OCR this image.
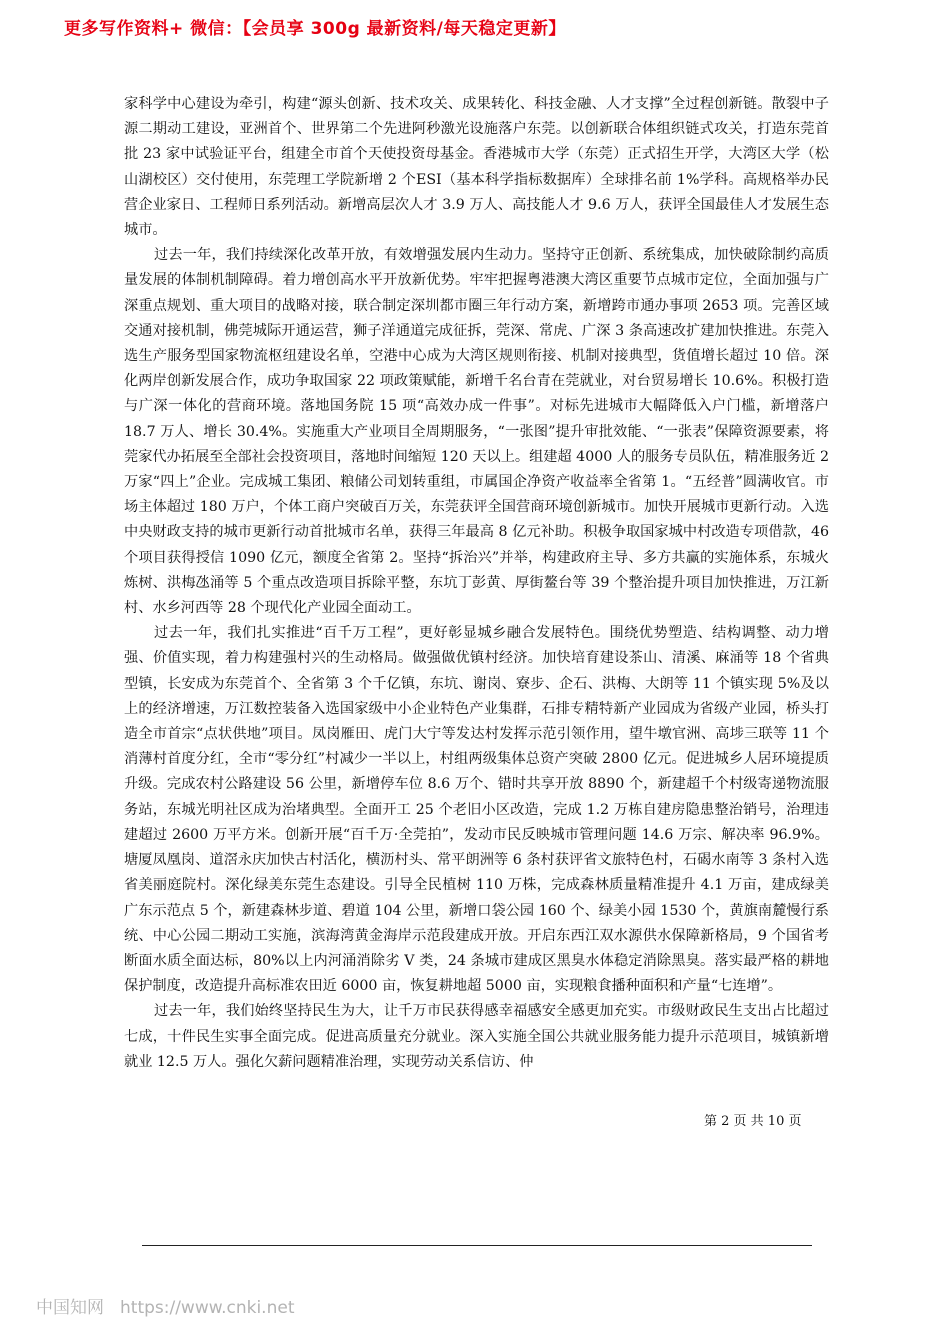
更多写作资料+ 微信：【会员享 300g 最新资料/每天稳定更新】

家科学中心建设为牵引，构建“源头创新、技术攻关、成果转化、科技金融、人才支撑”全过程创新链。散裂中子源二期动工建设，亚洲首个、世界第二个先进阿秒激光设施落户东莞。以创新联合体组织链式攻关，打造东莞首批 23 家中试验证平台，组建全市首个天使投资母基金。香港城市大学（东莞）正式招生开学，大湾区大学（松山湖校区）交付使用，东莞理工学院新增 2 个ESI（基本科学指标数据库）全球排名前 1%学科。高规格举办民营企业家日、工程师日系列活动。新增高层次人才 3.9 万人、高技能人才 9.6 万人，获评全国最佳人才发展生态城市。

过去一年，我们持续深化改革开放，有效增强发展内生动力。坚持守正创新、系统集成，加快破除制约高质量发展的体制机制障碍。着力增创高水平开放新优势。牢牢把握粤港澳大湾区重要节点城市定位，全面加强与广深重点规划、重大项目的战略对接，联合制定深圳都市圈三年行动方案，新增跨市通办事项 2653 项。完善区域交通对接机制，佛莞城际开通运营，狮子洋通道完成征拆，莞深、常虎、广深 3 条高速改扩建加快推进。东莞入选生产服务型国家物流枢纽建设名单，空港中心成为大湾区规则衔接、机制对接典型，货值增长超过 10 倍。深化两岸创新发展合作，成功争取国家 22 项政策赋能，新增千名台青在莞就业，对台贸易增长 10.6%。积极打造与广深一体化的营商环境。落地国务院 15 项“高效办成一件事”。对标先进城市大幅降低入户门槛，新增落户 18.7 万人、增长 30.4%。实施重大产业项目全周期服务，“一张图”提升审批效能、“一张表”保障资源要素，将莞家代办拓展至全部社会投资项目，落地时间缩短 120 天以上。组建超 4000 人的服务专员队伍，精准服务近 2 万家“四上”企业。完成城工集团、粮储公司划转重组，市属国企净资产收益率全省第 1。“五经普”圆满收官。市场主体超过 180 万户，个体工商户突破百万关，东莞获评全国营商环境创新城市。加快开展城市更新行动。入选中央财政支持的城市更新行动首批城市名单，获得三年最高 8 亿元补助。积极争取国家城中村改造专项借款，46 个项目获得授信 1090 亿元，额度全省第 2。坚持“拆治兴”并举，构建政府主导、多方共赢的实施体系，东城火炼树、洪梅氹涌等 5 个重点改造项目拆除平整，东坑丁彭黄、厚街鳌台等 39 个整治提升项目加快推进，万江新村、水乡河西等 28 个现代化产业园全面动工。

过去一年，我们扎实推进“百千万工程”，更好彰显城乡融合发展特色。围绕优势塑造、结构调整、动力增强、价值实现，着力构建强村兴的生动格局。做强做优镇村经济。加快培育建设茶山、清溪、麻涌等 18 个省典型镇，长安成为东莞首个、全省第 3 个千亿镇，东坑、谢岗、寮步、企石、洪梅、大朗等 11 个镇实现 5%及以上的经济增速，万江数控装备入选国家级中小企业特色产业集群，石排专精特新产业园成为省级产业园，桥头打造全市首宗“点状供地”项目。凤岗雁田、虎门大宁等发达村发挥示范引领作用，望牛墩官洲、高埗三联等 11 个消薄村首度分红，全市“零分红”村减少一半以上，村组两级集体总资产突破 2800 亿元。促进城乡人居环境提质升级。完成农村公路建设 56 公里，新增停车位 8.6 万个、错时共享开放 8890 个，新建超千个村级寄递物流服务站，东城光明社区成为治堵典型。全面开工 25 个老旧小区改造，完成 1.2 万栋自建房隐患整治销号，治理违建超过 2600 万平方米。创新开展“百千万·全莞拍”，发动市民反映城市管理问题 14.6 万宗、解决率 96.9%。塘厦凤凰岗、道滘永庆加快古村活化，横沥村头、常平朗洲等 6 条村获评省文旅特色村，石碣水南等 3 条村入选省美丽庭院村。深化绿美东莞生态建设。引导全民植树 110 万株，完成森林质量精准提升 4.1 万亩，建成绿美广东示范点 5 个，新建森林步道、碧道 104 公里，新增口袋公园 160 个、绿美小园 1530 个，黄旗南麓慢行系统、中心公园二期动工实施，滨海湾黄金海岸示范段建成开放。开启东西江双水源供水保障新格局，9 个国省考断面水质全面达标，80%以上内河涌消除劣 V 类，24 条城市建成区黑臭水体稳定消除黑臭。落实最严格的耕地保护制度，改造提升高标准农田近 6000 亩，恢复耕地超 5000 亩，实现粮食播种面积和产量“七连增”。

过去一年，我们始终坚持民生为大，让千万市民获得感幸福感安全感更加充实。市级财政民生支出占比超过七成，十件民生实事全面完成。促进高质量充分就业。深入实施全国公共就业服务能力提升示范项目，城镇新增就业 12.5 万人。强化欠薪问题精准治理，实现劳动关系信访、仲

第 2 页 共 10 页
中国知网 https://www.cnki.net
